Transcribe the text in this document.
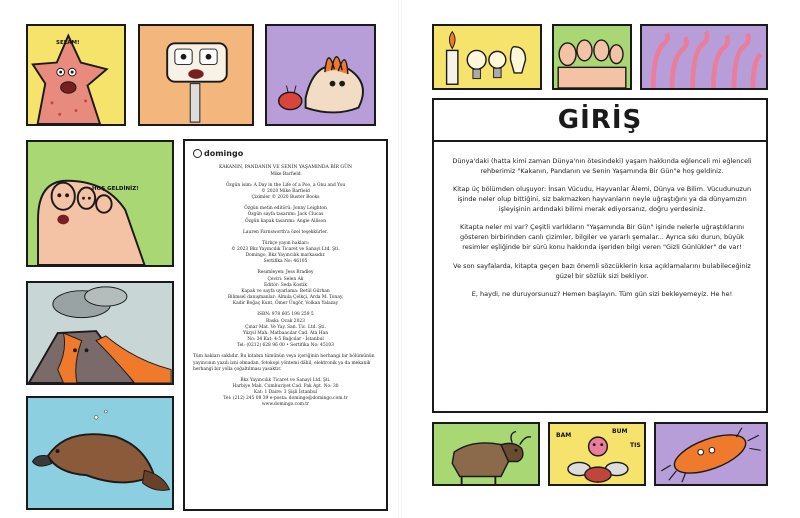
SELAM!
HOŞ GELDİNİZ!
domingo
KAKANIN, PANDANIN VE SENİN YAŞAMINDA BİR GÜN
Mike Barfield
Özgün isim: A Day in the Life of a Poo, a Gnu and You
© 2020 Mike Barfield
Çizimler © 2020 Buster Books
Özgün metin editörü: Jonny Leighton
Özgün sayfa tasarımı: Jack Clucas
Özgün kapak tasarımı: Angie Allison
Lauren Farnsworth'a özel teşekkürler.
Türkçe yayın hakları:
© 2023 Bkz Yayıncılık Ticaret ve Sanayi Ltd. Şti.
Domingo, Bkz Yayıncılık markasıdır.
Sertifika No: 46105
Resimleyen: Jess Bradley
Çeviri: Selen Ak
Editör: Seda Kostik
Kapak ve sayfa uyarlama: Betül Gürhan
Bilimsel danışmanlar: Almıla Çelkçi, Arda M. Tonay,
Kadir Boğaç Kunt, Ömer Üngör, Volkan Yalazay
ISBN: 978 605 198 259 5
Baskı: Ocak 2023
Çınar Mat. Ve Yay. San. Tic. Ltd. Şti.
Yüzyıl Mah. Matbaacılar Cad. Ata Han
No: 34 Kat: 4-5 Bağcılar - İstanbul
Tel: (0212) 628 96 00 • Sertifika No: 45103
Tüm hakları saklıdır. Bu kitabın tümünün veya içeriğinin herhangi bir bölümünün yayıncının yazılı izni olmadan, fotokopi yöntemi dâhil, elektronik ya da mekanik herhangi bir yolla çoğaltılması yasaktır.
Bkz Yayıncılık Ticaret ve Sanayi Ltd. Şti.
Harbiye Mah. Cumhuriyet Cad. Pak Apt. No: 30
Kat: 1 Daire: 3 Şişli İstanbul
Tel: (212) 245 08 39 e-posta: domingo@domingo.com.tr
www.domingo.com.tr
GİRİŞ

Dünya'daki (hatta kimi zaman Dünya'nın ötesindeki) yaşam hakkında eğlenceli mi eğlenceli rehberimiz "Kakanın, Pandanın ve Senin Yaşamında Bir Gün"e hoş geldiniz.

Kitap üç bölümden oluşuyor: İnsan Vücudu, Hayvanlar Âlemi, Dünya ve Bilim. Vücudunuzun işinde neler olup bittiğini, siz bakmazken hayvanların neyle uğraştığını ya da dünyamızın işleyişinin ardındaki bilimi merak ediyorsanız, doğru yerdesiniz.

Kitapta neler mi var? Çeşitli varlıkların "Yaşamında Bir Gün" işinde nelerle uğraştıklarını gösteren birbirinden canlı çizimler, bilgiler ve yararlı şemalar... Ayrıca sıkı durun, büyük resimler eşliğinde bir sürü konu hakkında işeriden bilgi veren "Gizli Günlükler" de var!

Ve son sayfalarda, kitapta geçen bazı önemli sözcüklerin kısa açıklamalarını bulabileceğiniz güzel bir sözlük sizi bekliyor.

E, haydi, ne duruyorsunuz? Hemen başlayın. Tüm gün sizi bekleyemeyiz. He he!

BAM
BUM
TIS
